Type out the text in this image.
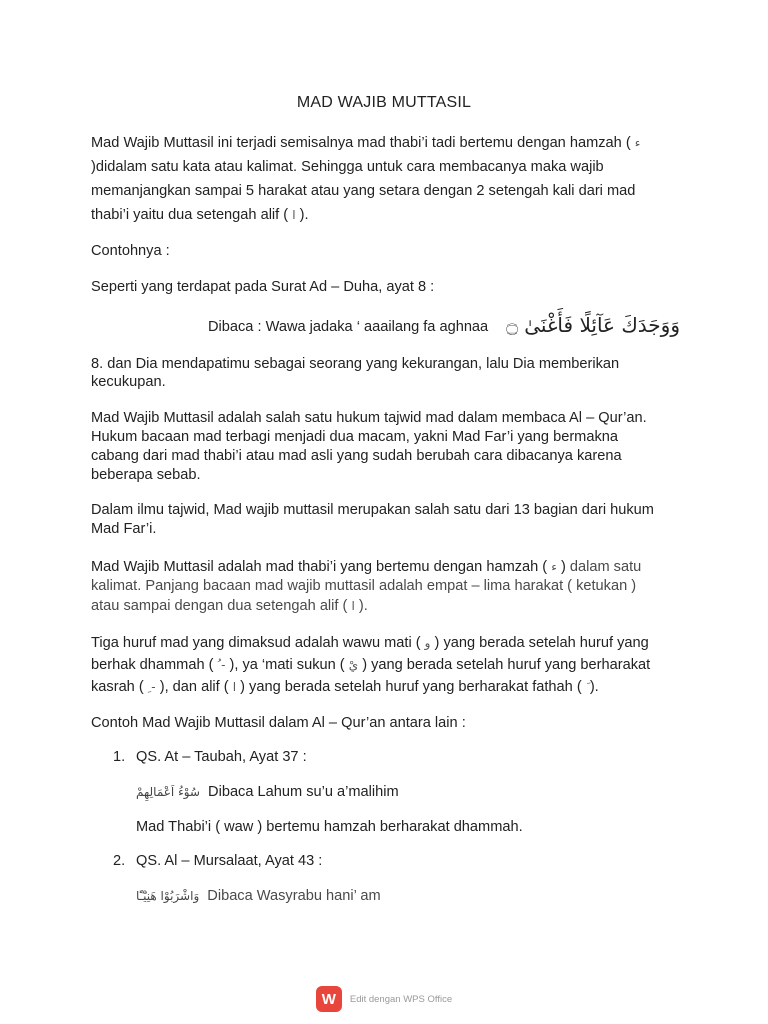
MAD WAJIB MUTTASIL
Mad Wajib Muttasil ini terjadi semisalnya mad thabi’i tadi bertemu dengan hamzah ( ء
)didalam satu kata atau kalimat. Sehingga untuk cara membacanya maka wajib
memanjangkan sampai 5 harakat atau yang setara dengan 2 setengah kali dari mad
thabi’i yaitu dua setengah alif ( ا ).
Contohnya :
Seperti yang terdapat pada Surat Ad – Duha, ayat 8 :
Dibaca : Wawa jadaka ‘ aaailang fa aghnaa وَوَجَدَكَ عَآئِلًا فَأَغْنَىٰ ۝
8. dan Dia mendapatimu sebagai seorang yang kekurangan, lalu Dia memberikan
kecukupan.
Mad Wajib Muttasil adalah salah satu hukum tajwid mad dalam membaca Al – Qur’an.
Hukum bacaan mad terbagi menjadi dua macam, yakni Mad Far’i yang bermakna
cabang dari mad thabi’i atau mad asli yang sudah berubah cara dibacanya karena
beberapa sebab.
Dalam ilmu tajwid, Mad wajib muttasil merupakan salah satu dari 13 bagian dari hukum
Mad Far’i.
Mad Wajib Muttasil adalah mad thabi’i yang bertemu dengan hamzah ( ء ) dalam satu
kalimat. Panjang bacaan mad wajib muttasil adalah empat – lima harakat ( ketukan )
atau sampai dengan dua setengah alif ( ا ).
Tiga huruf mad yang dimaksud adalah wawu mati ( و ) yang berada setelah huruf yang
berhak dhammah ( ُ - ), ya ‘mati sukun ( يْ ) yang berada setelah huruf yang berharakat
kasrah ( ِ - ), dan alif ( ا ) yang berada setelah huruf yang berharakat fathah ( ).
Contoh Mad Wajib Muttasil dalam Al – Qur’an antara lain :
1. QS. At – Taubah, Ayat 37 :
سُوْءُ اَعْمَالِهِمْ Dibaca Lahum su’u a’malihim
Mad Thabi’i ( waw ) bertemu hamzah berharakat dhammah.
2. QS. Al – Mursalaat, Ayat 43 :
وَاشْرَبُوْا هَنِيْٓـًٔا Dibaca Wasyrabu hani’ am
W	Edit dengan WPS Office
